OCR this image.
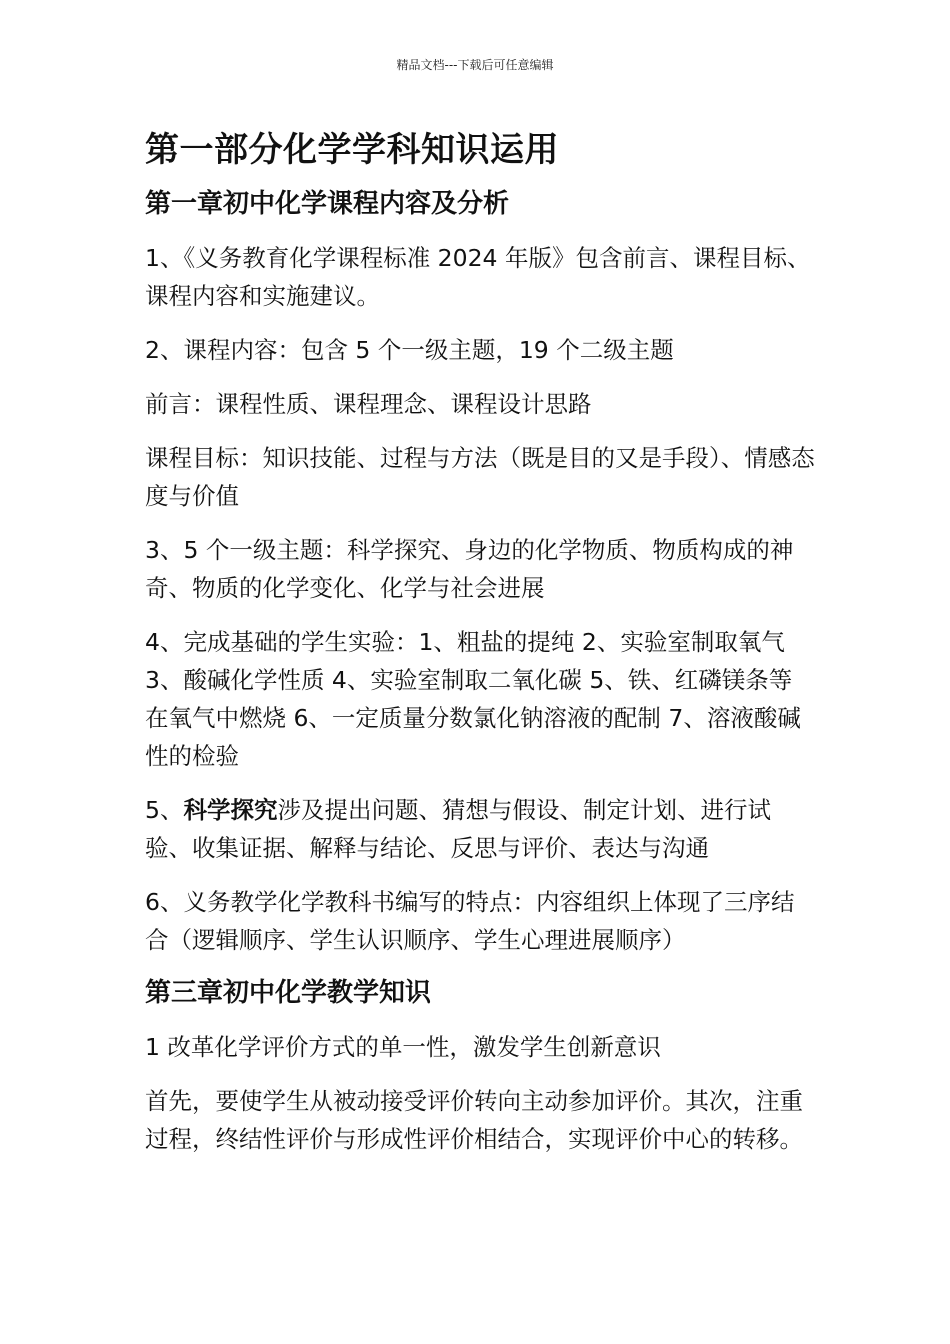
精品文档---下载后可任意编辑
第一部分化学学科知识运用
第一章初中化学课程内容及分析
1、《义务教育化学课程标准 2024 年版》包含前言、课程目标、课程内容和实施建议。
2、课程内容：包含 5 个一级主题，19 个二级主题
前言：课程性质、课程理念、课程设计思路
课程目标：知识技能、过程与方法（既是目的又是手段）、情感态度与价值
3、5 个一级主题：科学探究、身边的化学物质、物质构成的神奇、物质的化学变化、化学与社会进展
4、完成基础的学生实验：1、粗盐的提纯 2、实验室制取氧气 3、酸碱化学性质 4、实验室制取二氧化碳 5、铁、红磷镁条等在氧气中燃烧 6、一定质量分数氯化钠溶液的配制 7、溶液酸碱性的检验
5、科学探究涉及提出问题、猜想与假设、制定计划、进行试验、收集证据、解释与结论、反思与评价、表达与沟通
6、义务教学化学教科书编写的特点：内容组织上体现了三序结合（逻辑顺序、学生认识顺序、学生心理进展顺序）
第三章初中化学教学知识
1 改革化学评价方式的单一性，激发学生创新意识
首先，要使学生从被动接受评价转向主动参加评价。其次，注重过程，终结性评价与形成性评价相结合，实现评价中心的转移。
